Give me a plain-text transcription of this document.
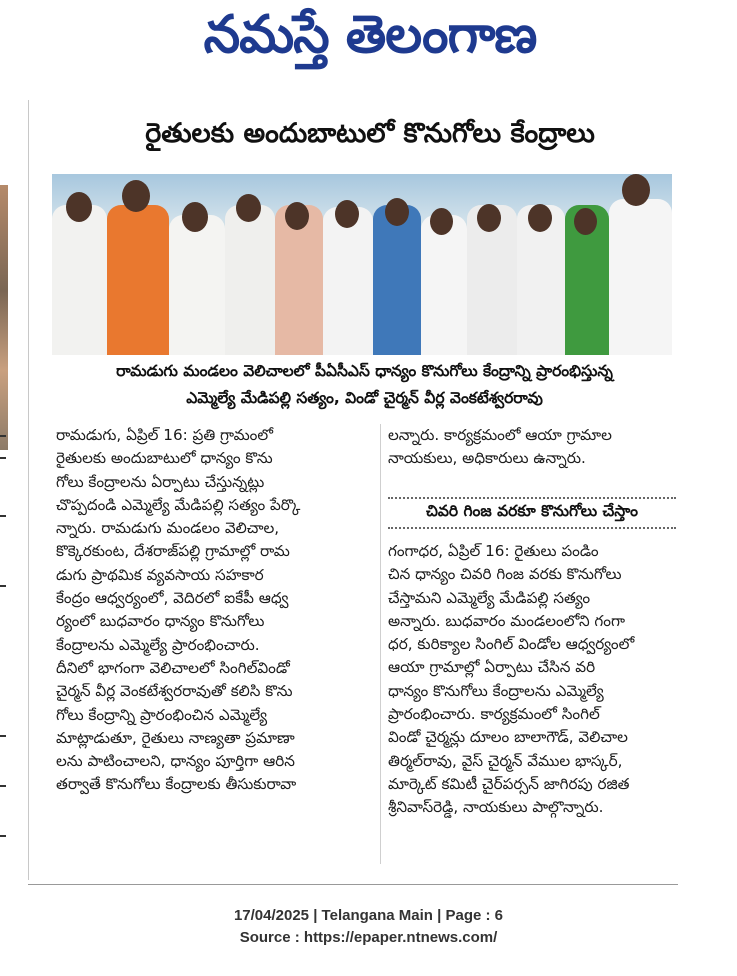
నమస్తే తెలంగాణ
రైతులకు అందుబాటులో కొనుగోలు కేంద్రాలు
రామడుగు మండలం వెలిచాలలో పీఏసీఎస్ ధాన్యం కొనుగోలు కేంద్రాన్ని ప్రారంభిస్తున్న
ఎమ్మెల్యే మేడిపల్లి సత్యం, విండో చైర్మన్ వీర్ల వెంకటేశ్వరరావు

రామడుగు, ఏప్రిల్ 16: ప్రతి గ్రామంలో

రైతులకు అందుబాటులో ధాన్యం కొను

గోలు కేంద్రాలను ఏర్పాటు చేస్తున్నట్లు

చొప్పదండి ఎమ్మెల్యే మేడిపల్లి సత్యం పేర్కొ

న్నారు. రామడుగు మండలం వెలిచాల,

కొక్కెరకుంట, దేశరాజ్‌పల్లి గ్రామాల్లో రామ

డుగు ప్రాథమిక వ్యవసాయ సహకార

కేంద్రం ఆధ్వర్యంలో, వెదిరలో ఐకేపీ ఆధ్వ

ర్యంలో బుధవారం ధాన్యం కొనుగోలు

కేంద్రాలను ఎమ్మెల్యే ప్రారంభించారు.

దీనిలో భాగంగా వెలిచాలలో సింగిల్‌విండో

చైర్మన్ వీర్ల వెంకటేశ్వరరావుతో కలిసి కొను

గోలు కేంద్రాన్ని ప్రారంభించిన ఎమ్మెల్యే

మాట్లాడుతూ, రైతులు నాణ్యతా ప్రమాణా

లను పాటించాలని, ధాన్యం పూర్తిగా ఆరిన

తర్వాతే కొనుగోలు కేంద్రాలకు తీసుకురావా

లన్నారు. కార్యక్రమంలో ఆయా గ్రామాల

నాయకులు, అధికారులు ఉన్నారు.

చివరి గింజ వరకూ కొనుగోలు చేస్తాం

గంగాధర, ఏప్రిల్ 16: రైతులు పండిం

చిన ధాన్యం చివరి గింజ వరకు కొనుగోలు

చేస్తామని ఎమ్మెల్యే మేడిపల్లి సత్యం

అన్నారు. బుధవారం మండలంలోని గంగా

ధర, కురిక్యాల సింగిల్ విండోల ఆధ్వర్యంలో

ఆయా గ్రామాల్లో ఏర్పాటు చేసిన వరి

ధాన్యం కొనుగోలు కేంద్రాలను ఎమ్మెల్యే

ప్రారంభించారు. కార్యక్రమంలో సింగిల్

విండో చైర్మన్లు దూలం బాలాగౌడ్, వెలిచాల

తిర్మల్‌రావు, వైస్ చైర్మన్ వేముల భాస్కర్,

మార్కెట్ కమిటీ చైర్‌పర్సన్ జాగిరపు రజిత

శ్రీనివాస్‌రెడ్డి, నాయకులు పాల్గొన్నారు.

17/04/2025 | Telangana Main | Page : 6
Source : https://epaper.ntnews.com/
